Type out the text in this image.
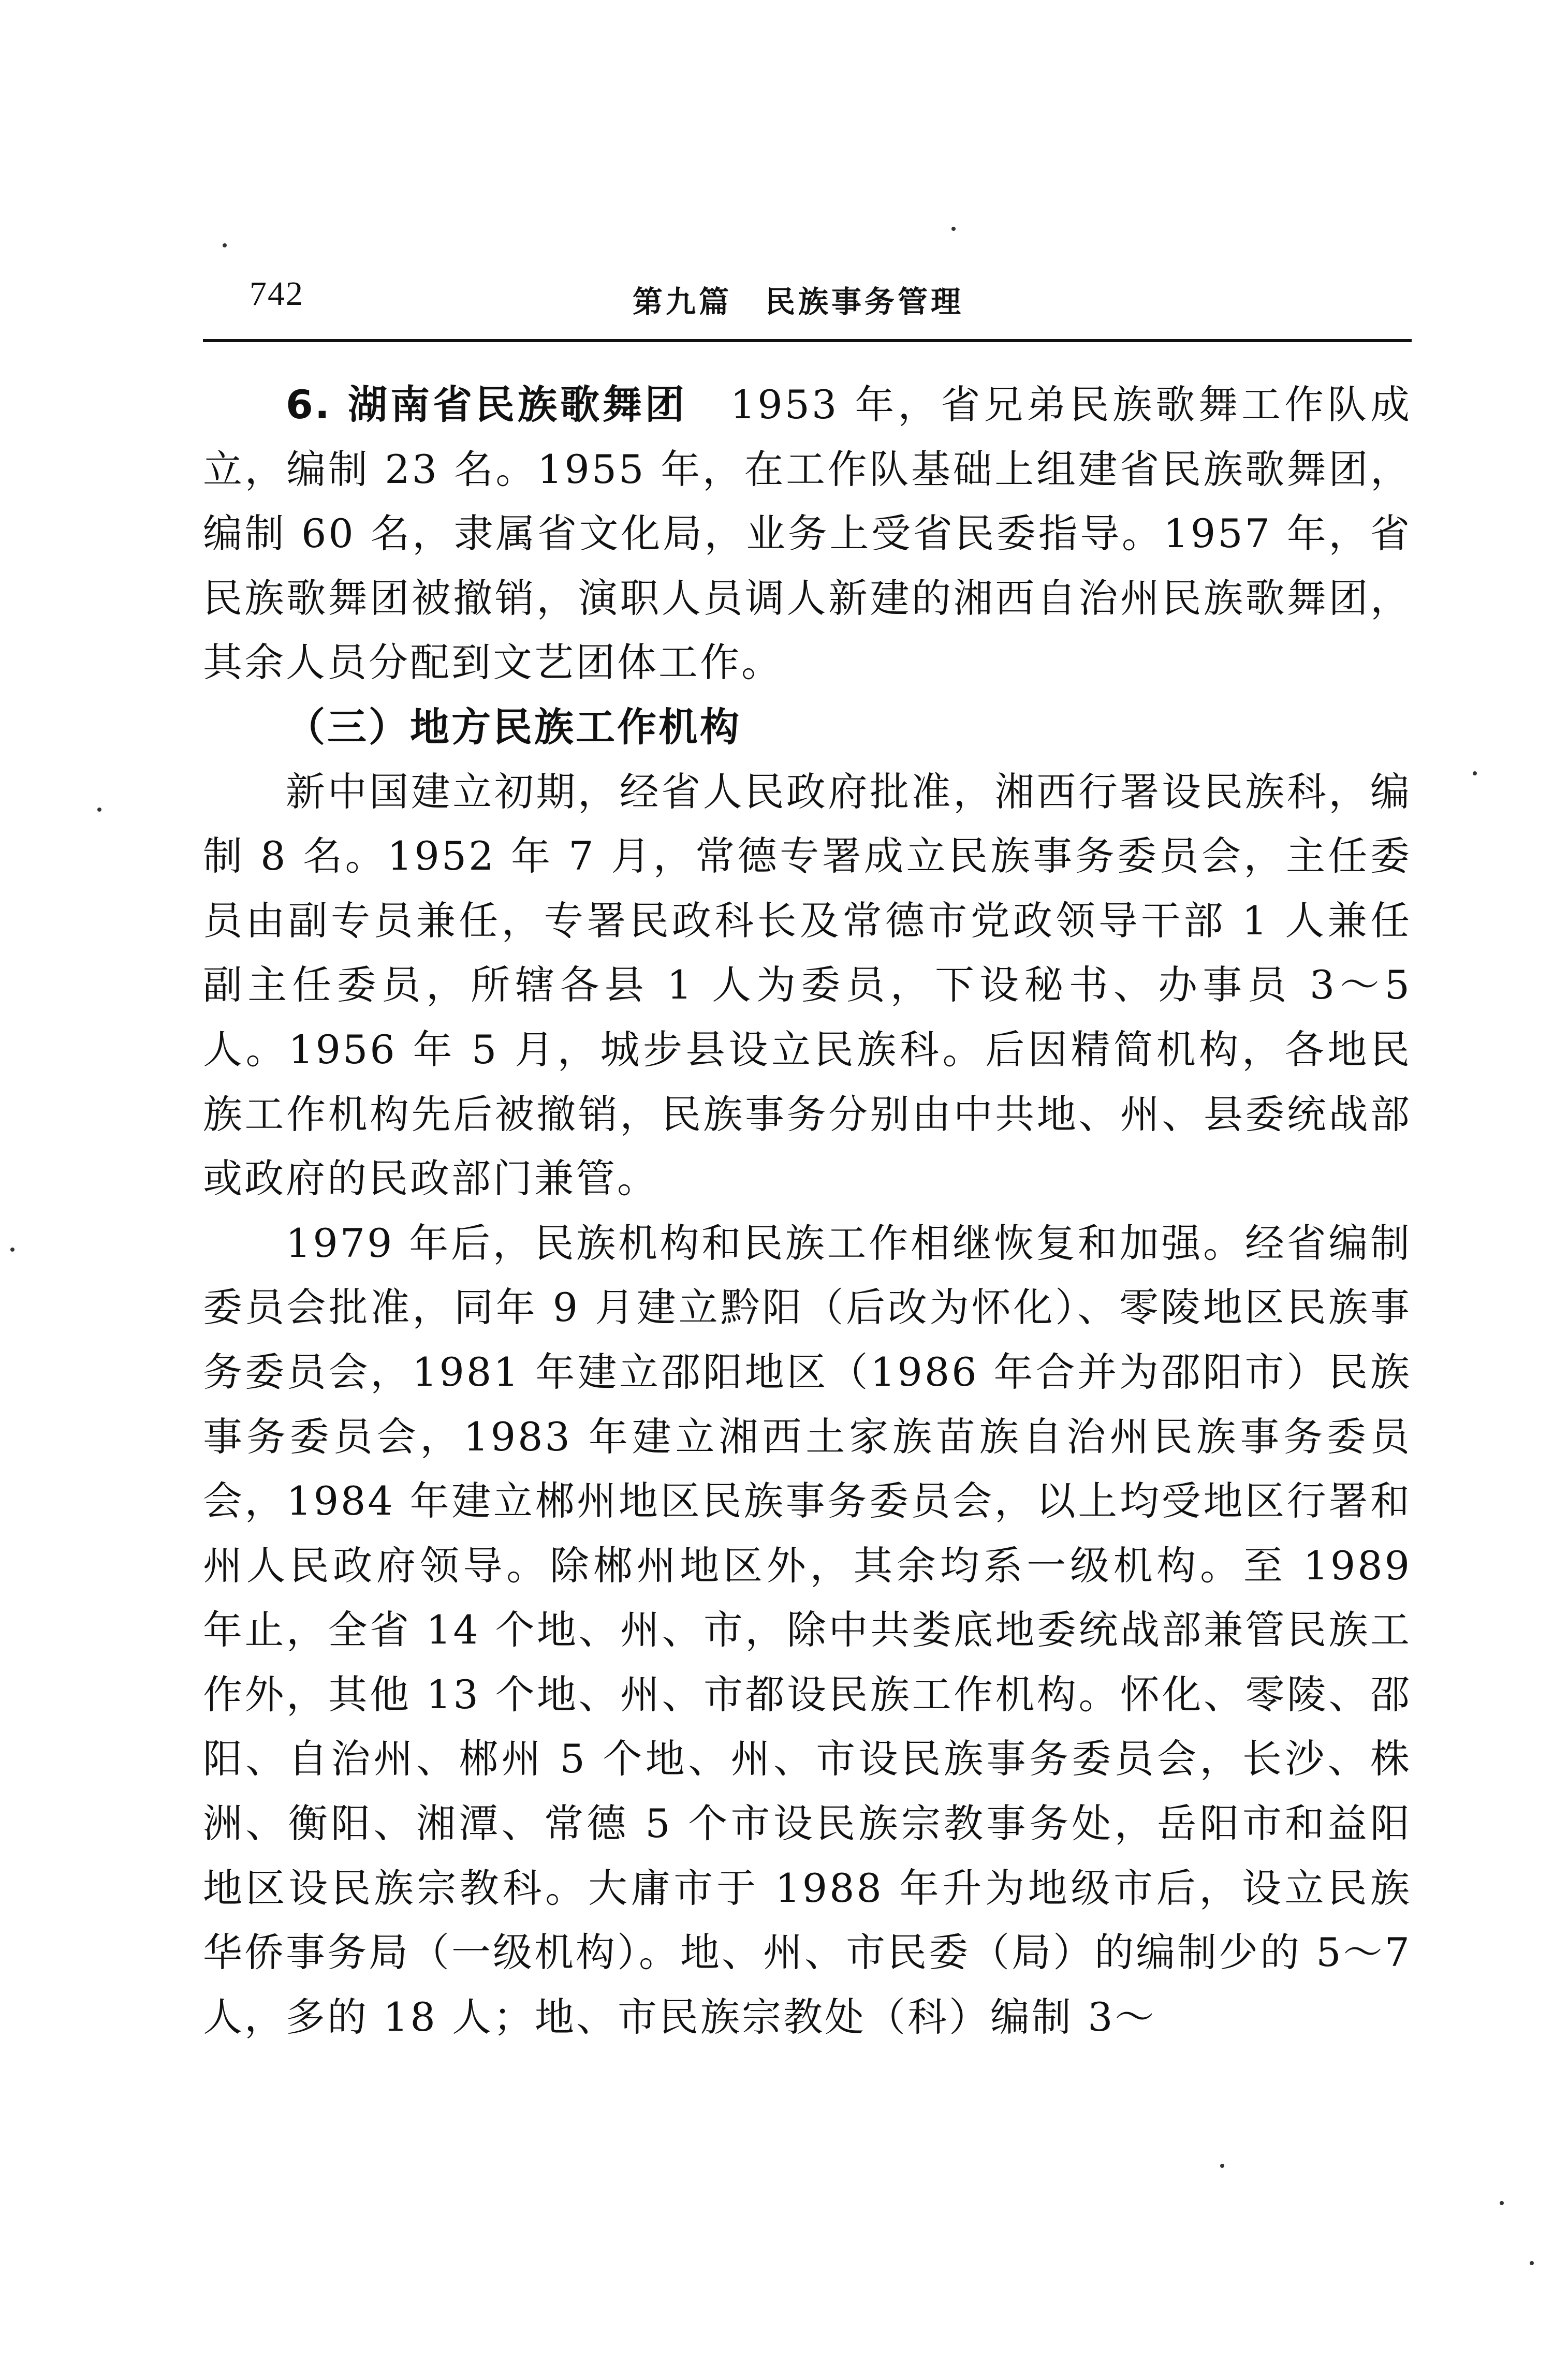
742	第九篇　民族事务管理

6. 湖南省民族歌舞团　1953 年，省兄弟民族歌舞工作队成立，编制 23 名。1955 年，在工作队基础上组建省民族歌舞团，编制 60 名，隶属省文化局，业务上受省民委指导。1957 年，省民族歌舞团被撤销，演职人员调人新建的湘西自治州民族歌舞团，其余人员分配到文艺团体工作。

（三）地方民族工作机构

新中国建立初期，经省人民政府批准，湘西行署设民族科，编制 8 名。1952 年 7 月，常德专署成立民族事务委员会，主任委员由副专员兼任，专署民政科长及常德市党政领导干部 1 人兼任副主任委员，所辖各县 1 人为委员，下设秘书、办事员 3～5 人。1956 年 5 月，城步县设立民族科。后因精简机构，各地民族工作机构先后被撤销，民族事务分别由中共地、州、县委统战部或政府的民政部门兼管。

1979 年后，民族机构和民族工作相继恢复和加强。经省编制委员会批准，同年 9 月建立黔阳（后改为怀化）、零陵地区民族事务委员会，1981 年建立邵阳地区（1986 年合并为邵阳市）民族事务委员会，1983 年建立湘西土家族苗族自治州民族事务委员会，1984 年建立郴州地区民族事务委员会，以上均受地区行署和州人民政府领导。除郴州地区外，其余均系一级机构。至 1989 年止，全省 14 个地、州、市，除中共娄底地委统战部兼管民族工作外，其他 13 个地、州、市都设民族工作机构。怀化、零陵、邵阳、自治州、郴州 5 个地、州、市设民族事务委员会，长沙、株洲、衡阳、湘潭、常德 5 个市设民族宗教事务处，岳阳市和益阳地区设民族宗教科。大庸市于 1988 年升为地级市后，设立民族华侨事务局（一级机构）。地、州、市民委（局）的编制少的 5～7 人，多的 18 人；地、市民族宗教处（科）编制 3～
